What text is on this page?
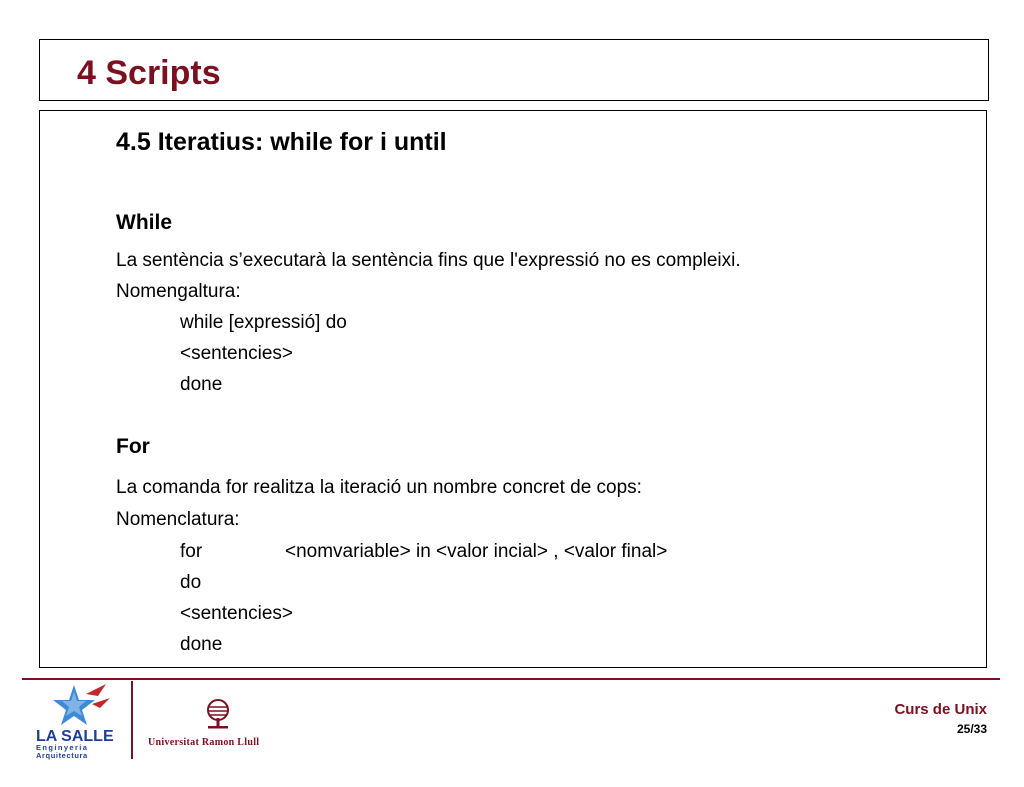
4 Scripts
4.5 Iteratius: while for i until
While
La sentència s’executarà la sentència fins que l'expressió no es compleixi.
Nomengaltura:
while [expressió] do
<sentencies>
done
For
La comanda for realitza la iteració un nombre concret de cops:
Nomenclatura:
for	<nomvariable> in <valor incial> , <valor final>
do
<sentencies>
done
LA SALLE
Enginyeria
Arquitectura
Universitat Ramon Llull
Curs de Unix
25/33
